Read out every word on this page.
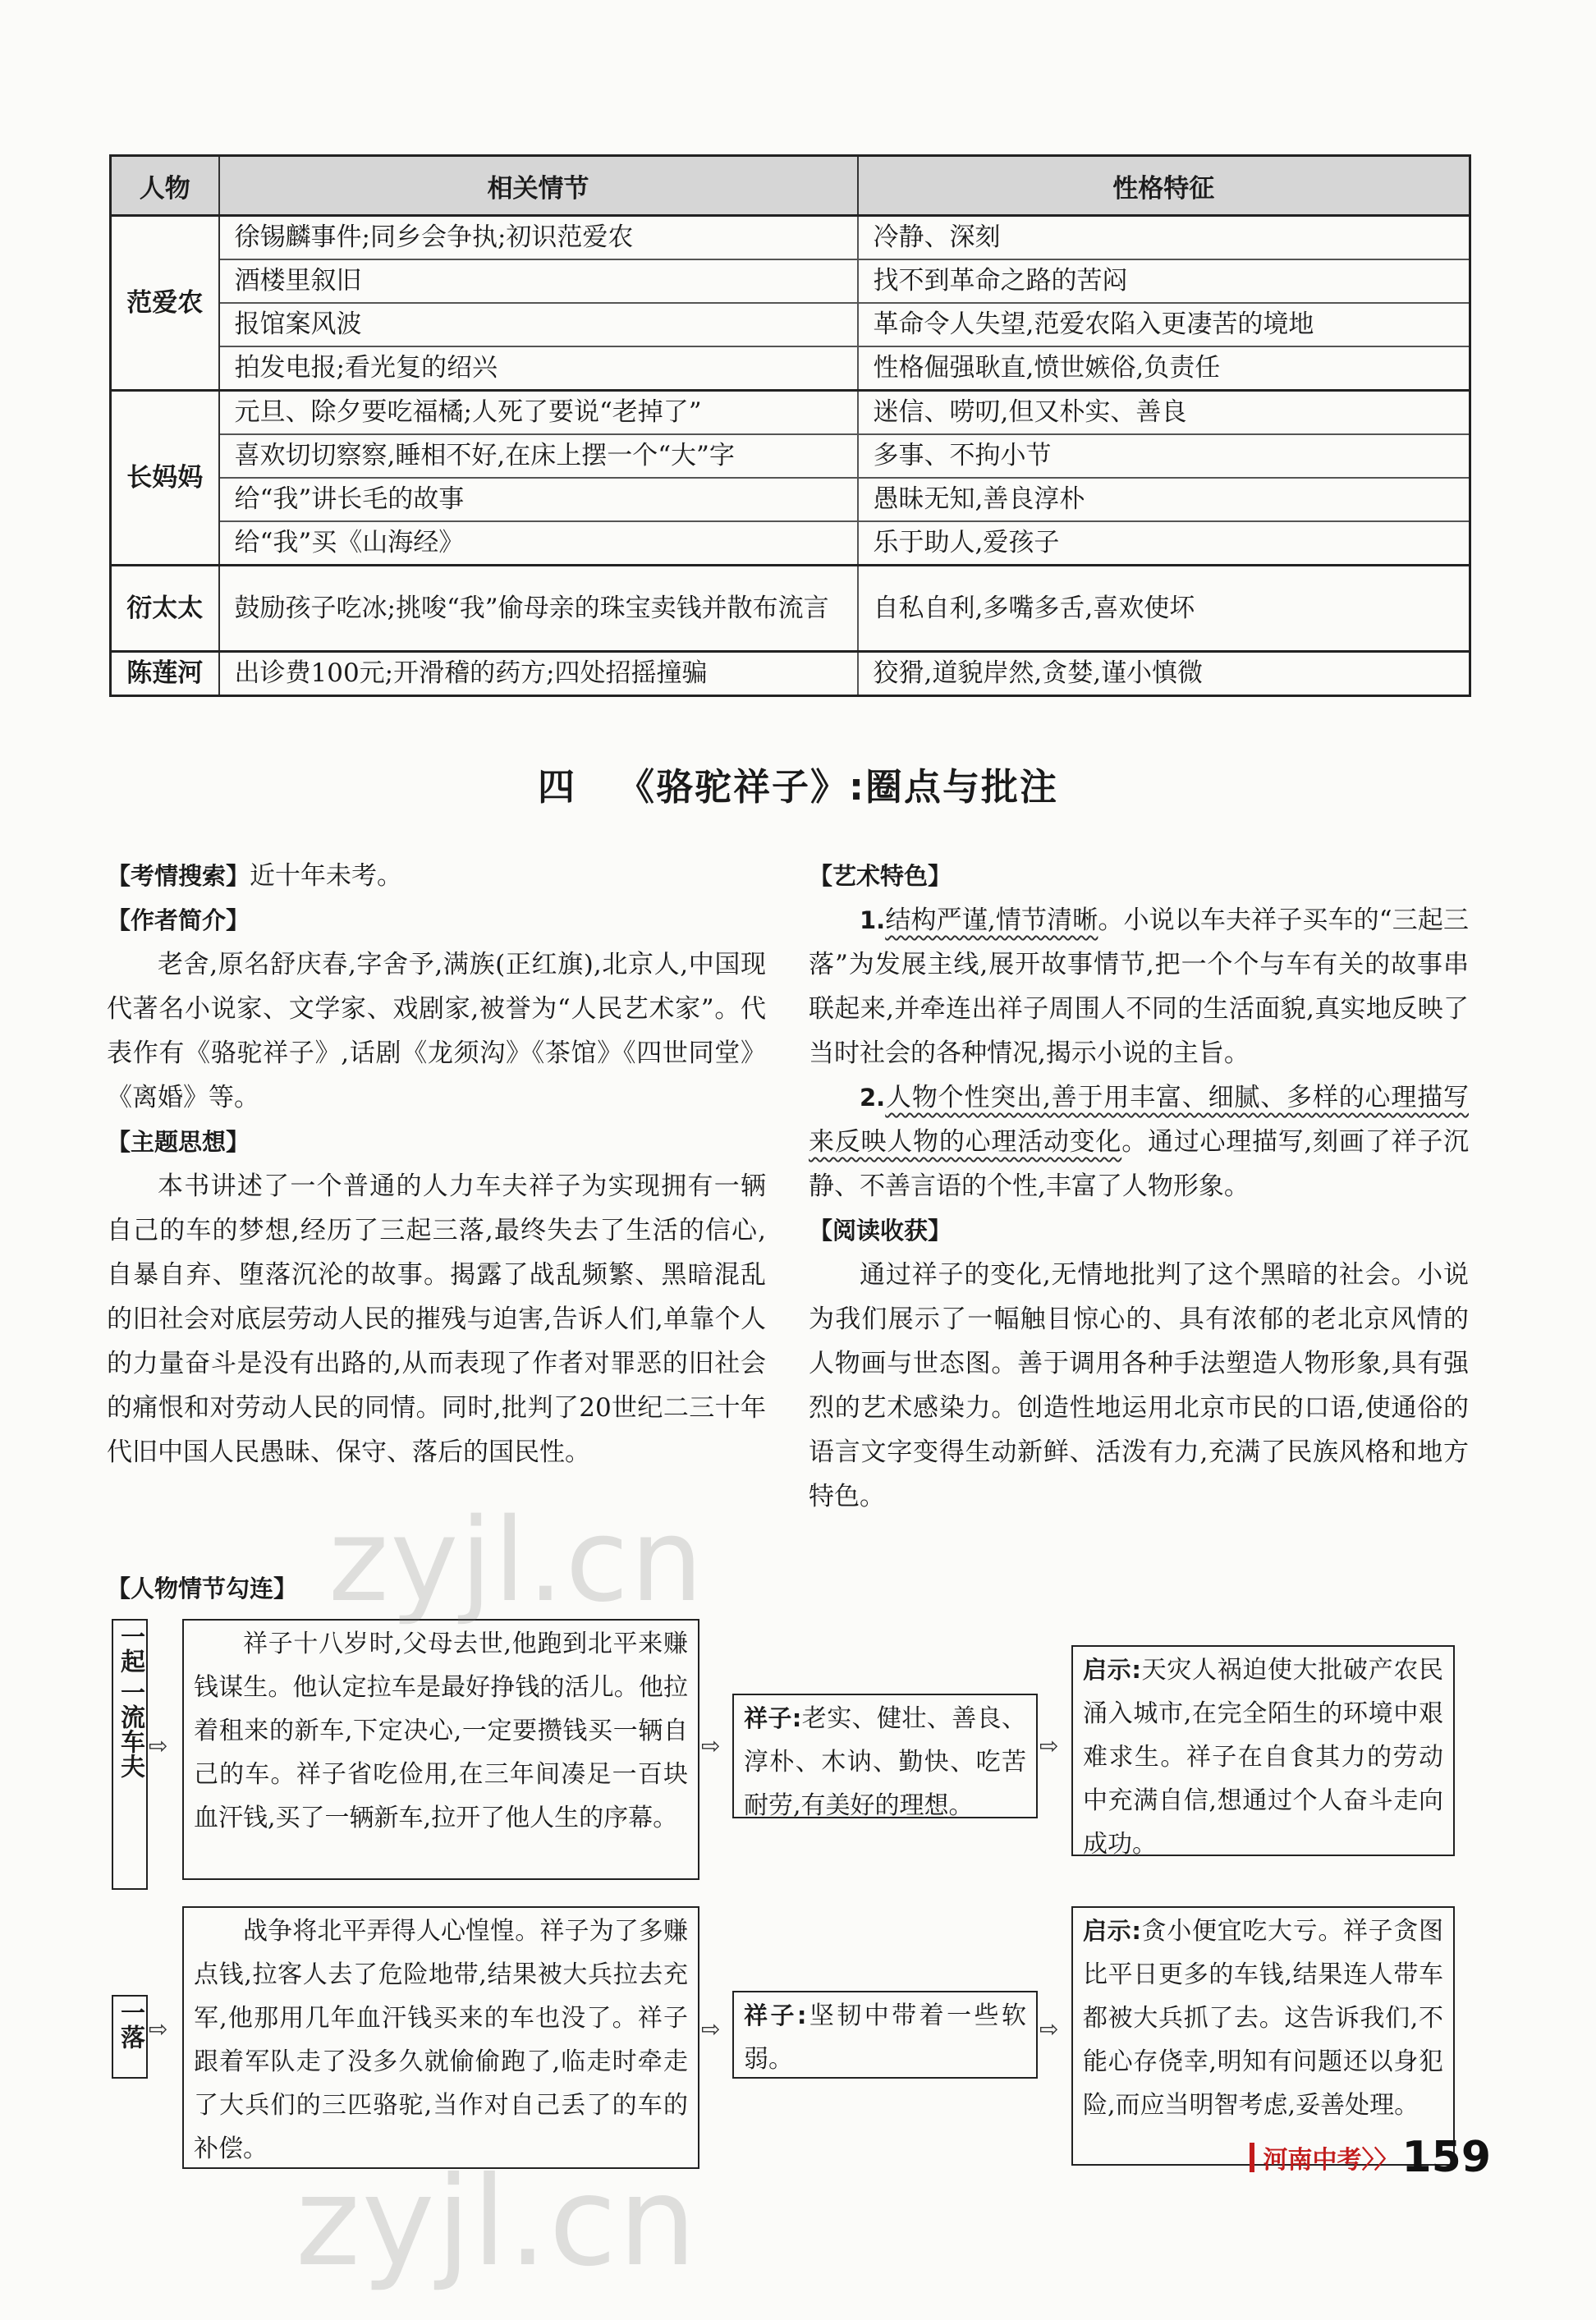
人物	相关情节	性格特征
范爱农	徐锡麟事件;同乡会争执;初识范爱农	冷静、深刻
	酒楼里叙旧	找不到革命之路的苦闷
	报馆案风波	革命令人失望,范爱农陷入更凄苦的境地
	拍发电报;看光复的绍兴	性格倔强耿直,愤世嫉俗,负责任
长妈妈	元旦、除夕要吃福橘;人死了要说“老掉了”	迷信、唠叨,但又朴实、善良
	喜欢切切察察,睡相不好,在床上摆一个“大”字	多事、不拘小节
	给“我”讲长毛的故事	愚昧无知,善良淳朴
	给“我”买《山海经》	乐于助人,爱孩子
衍太太	鼓励孩子吃冰;挑唆“我”偷母亲的珠宝卖钱并散布流言	自私自利,多嘴多舌,喜欢使坏
陈莲河	出诊费100元;开滑稽的药方;四处招摇撞骗	狡猾,道貌岸然,贪婪,谨小慎微
四 《骆驼祥子》:圈点与批注

【考情搜索】近十年未考。

【作者简介】

老舍,原名舒庆春,字舍予,满族(正红旗),北京人,中国现代著名小说家、文学家、戏剧家,被誉为“人民艺术家”。代表作有《骆驼祥子》,话剧《龙须沟》《茶馆》《四世同堂》《离婚》等。

【主题思想】

本书讲述了一个普通的人力车夫祥子为实现拥有一辆自己的车的梦想,经历了三起三落,最终失去了生活的信心,自暴自弃、堕落沉沦的故事。揭露了战乱频繁、黑暗混乱的旧社会对底层劳动人民的摧残与迫害,告诉人们,单靠个人的力量奋斗是没有出路的,从而表现了作者对罪恶的旧社会的痛恨和对劳动人民的同情。同时,批判了20世纪二三十年代旧中国人民愚昧、保守、落后的国民性。

【艺术特色】

1.结构严谨,情节清晰。小说以车夫祥子买车的“三起三落”为发展主线,展开故事情节,把一个个与车有关的故事串联起来,并牵连出祥子周围人不同的生活面貌,真实地反映了当时社会的各种情况,揭示小说的主旨。

2.人物个性突出,善于用丰富、细腻、多样的心理描写来反映人物的心理活动变化。通过心理描写,刻画了祥子沉静、不善言语的个性,丰富了人物形象。

【阅读收获】

通过祥子的变化,无情地批判了这个黑暗的社会。小说为我们展示了一幅触目惊心的、具有浓郁的老北京风情的人物画与世态图。善于调用各种手法塑造人物形象,具有强烈的艺术感染力。创造性地运用北京市民的口语,使通俗的语言文字变得生动新鲜、活泼有力,充满了民族风格和地方特色。

【人物情节勾连】
一起
一流车夫 ⇨

祥子十八岁时,父母去世,他跑到北平来赚钱谋生。他认定拉车是最好挣钱的活儿。他拉着租来的新车,下定决心,一定要攒钱买一辆自己的车。祥子省吃俭用,在三年间凑足一百块血汗钱,买了一辆新车,拉开了他人生的序幕。

⇨
祥子:老实、健壮、善良、淳朴、木讷、勤快、吃苦耐劳,有美好的理想。
⇨
启示:天灾人祸迫使大批破产农民涌入城市,在完全陌生的环境中艰难求生。祥子在自食其力的劳动中充满自信,想通过个人奋斗走向成功。
一落 ⇨

战争将北平弄得人心惶惶。祥子为了多赚点钱,拉客人去了危险地带,结果被大兵拉去充军,他那用几年血汗钱买来的车也没了。祥子跟着军队走了没多久就偷偷跑了,临走时牵走了大兵们的三匹骆驼,当作对自己丢了的车的补偿。

⇨ 祥子:坚韧中带着一些软弱。
⇨
启示:贪小便宜吃大亏。祥子贪图比平日更多的车钱,结果连人带车都被大兵抓了去。这告诉我们,不能心存侥幸,明知有问题还以身犯险,而应当明智考虑,妥善处理。
zyjl.cn
zyjl.cn	河南中考〉〉159
